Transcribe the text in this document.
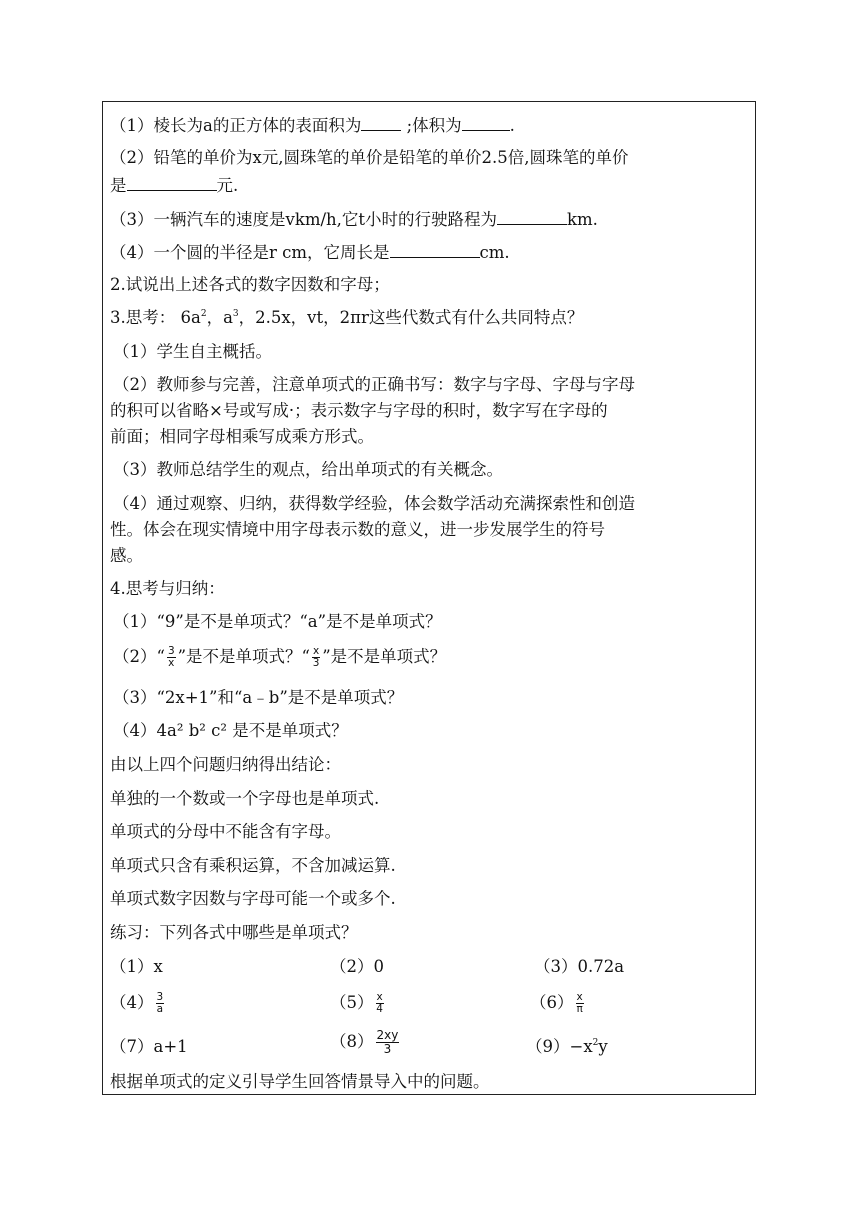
（1）棱长为a的正方体的表面积为 ;体积为	.
（2）铅笔的单价为x元,圆珠笔的单价是铅笔的单价2.5倍,圆珠笔的单价
是	元.
（3）一辆汽车的速度是vkm/h,它t小时的行驶路程为	km.
（4）一个圆的半径是r cm，它周长是	cm.
2.试说出上述各式的数字因数和字母；
3.思考： $6a^2$，$a^3$，2.5x，vt，2πr这些代数式有什么共同特点？
（1）学生自主概括。
（2）教师参与完善，注意单项式的正确书写：数字与字母、字母与字母
的积可以省略×号或写成·；表示数字与字母的积时，数字写在字母的
前面；相同字母相乘写成乘方形式。
（3）教师总结学生的观点，给出单项式的有关概念。
（4）通过观察、归纳，获得数学经验，体会数学活动充满探索性和创造
性。体会在现实情境中用字母表示数的意义，进一步发展学生的符号
感。
4.思考与归纳：
（1）“9”是不是单项式？“a”是不是单项式？
（2）“ $\frac{3}{x}$ ”是不是单项式？“ $\frac{x}{3}$ ”是不是单项式？
（3）“2x+1”和“a﹣b”是不是单项式？
（4）4a² b² c² 是不是单项式？
由以上四个问题归纳得出结论：
单独的一个数或一个字母也是单项式.
单项式的分母中不能含有字母。
单项式只含有乘积运算，不含加减运算.
单项式数字因数与字母可能一个或多个.
练习：下列各式中哪些是单项式？
（1）x	（2）0	（3）0.72a
$(4) \frac{3}{a}$	$(5) \frac{x}{4}$	$(6) \frac{x}{\pi}$
（7）a+1	$(8) \frac{2xy}{3}$	$(9)-x^2y$
根据单项式的定义引导学生回答情景导入中的问题。
